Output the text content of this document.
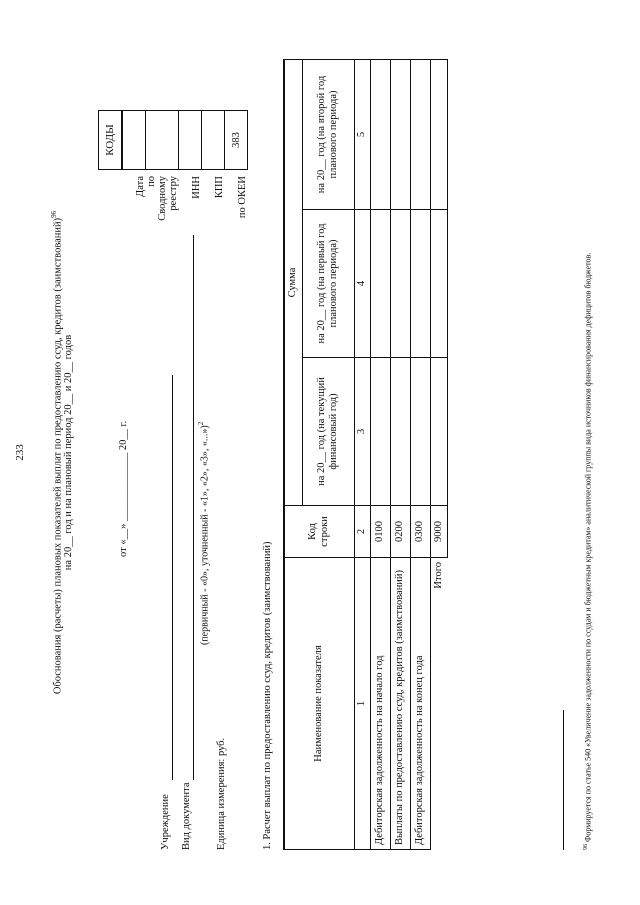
233	Обоснования (расчеты) плановых показателей выплат по предоставлению ссуд, кредитов (заимствований)$^{96}$
на 20__ год и на плановый период 20__ и 20__ годов	от «__» _____________ 20__ г.
Учреждение Вид документа
(первичный - «0», уточненный - «1», «2», «3», «...»)$^2$
Единица измерения: руб.
	КОДЫ
Дата	
по Сводному реестру	
ИНН	
КПП	
по ОКЕИ	383
1. Расчет выплат по предоставлению ссуд, кредитов (заимствований)	Наименование показателя	Код строки	Сумма		
		на 20__ год (на текущий финансовый год)	на 20__ год (на первый год планового периода)	на 20__ год (на второй год планового периода)
1	2	3	4	5
Дебиторская задолженность на начало год	0100			
Выплаты по предоставлению ссуд, кредитов (заимствований)	0200			
Дебиторская задолженность на конец года	0300			
Итого	9000			
$^{96}$ Формируется по статье 540 «Увеличение задолженности по ссудам и бюджетным кредитам» аналитической группы вида источников финансирования дефицитов бюджетов.
